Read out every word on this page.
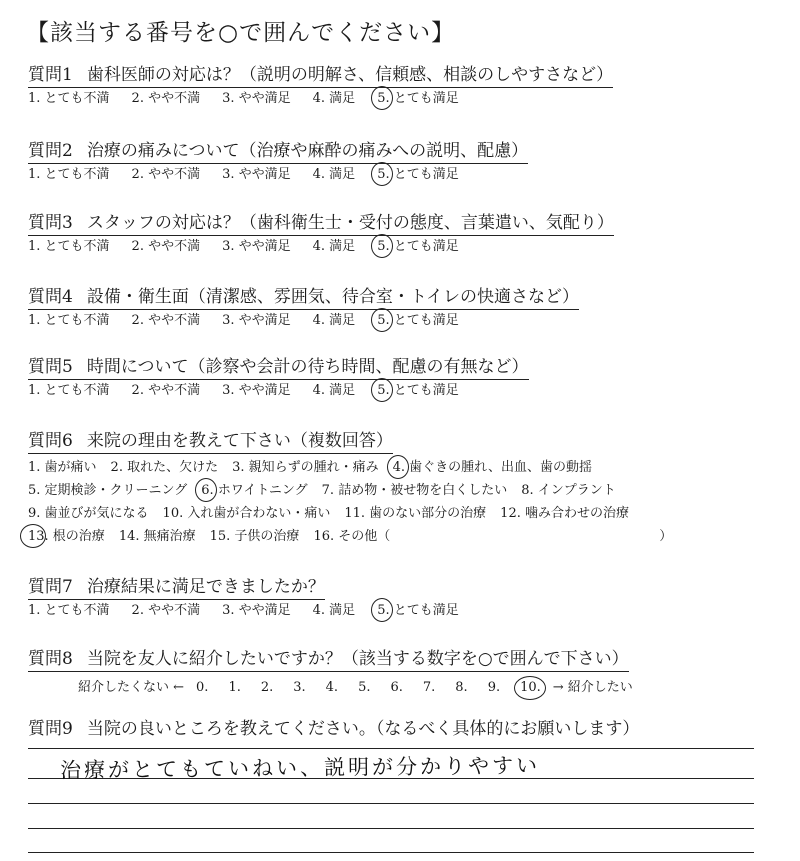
【該当する番号を○で囲んでください】
質問1 歯科医師の対応は？（説明の明解さ、信頼感、相談のしやすさなど）
1. とても不満 2. やや不満 3. やや満足 4. 満足 5. とても満足
質問2 治療の痛みについて（治療や麻酔の痛みへの説明、配慮）
1. とても不満 2. やや不満 3. やや満足 4. 満足 5. とても満足
質問3 スタッフの対応は？（歯科衛生士・受付の態度、言葉遣い、気配り）
1. とても不満 2. やや不満 3. やや満足 4. 満足 5. とても満足
質問4 設備・衛生面（清潔感、雰囲気、待合室・トイレの快適さなど）
1. とても不満 2. やや不満 3. やや満足 4. 満足 5. とても満足
質問5 時間について（診察や会計の待ち時間、配慮の有無など）
1. とても不満 2. やや不満 3. やや満足 4. 満足 5. とても満足
質問6 来院の理由を教えて下さい（複数回答）
1. 歯が痛い 2. 取れた、欠けた 3. 親知らずの腫れ・痛み 4. 歯ぐきの腫れ、出血、歯の動揺
5. 定期検診・クリーニング 6. ホワイトニング 7. 詰め物・被せ物を白くしたい 8. インプラント
9. 歯並びが気になる 10. 入れ歯が合わない・痛い 11. 歯のない部分の治療 12. 噛み合わせの治療
13. 根の治療 14. 無痛治療 15. 子供の治療 16. その他（	）
質問7 治療結果に満足できましたか？
1. とても不満 2. やや不満 3. やや満足 4. 満足 5. とても満足
質問8 当院を友人に紹介したいですか？（該当する数字を○で囲んで下さい）
紹介したくない ← 0. 1. 2. 3. 4. 5. 6. 7. 8. 9. 10. → 紹介したい
質問9 当院の良いところを教えてください。（なるべく具体的にお願いします）
治療がとてもていねい、説明が分かりやすい
